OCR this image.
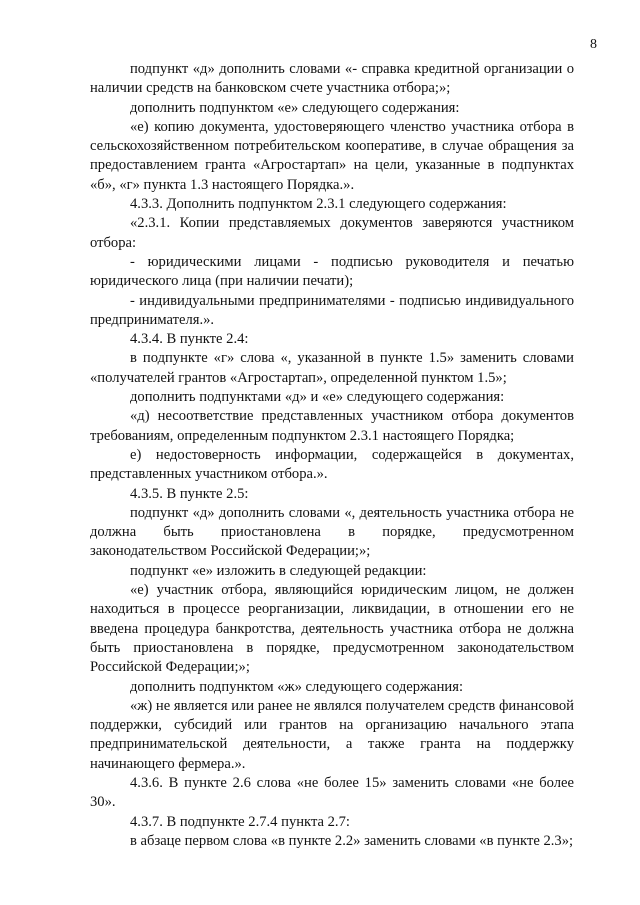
8

подпункт «д» дополнить словами «- справка кредитной организации о наличии средств на банковском счете участника отбора;»;

дополнить подпунктом «е» следующего содержания:

«е) копию документа, удостоверяющего членство участника отбора в сельскохозяйственном потребительском кооперативе, в случае обращения за предоставлением гранта «Агростартап» на цели, указанные в подпунктах «б», «г» пункта 1.3 настоящего Порядка.».

4.3.3. Дополнить подпунктом 2.3.1 следующего содержания:

«2.3.1. Копии представляемых документов заверяются участником отбора:

- юридическими лицами - подписью руководителя и печатью юридического лица (при наличии печати);

- индивидуальными предпринимателями - подписью индивидуального предпринимателя.».

4.3.4. В пункте 2.4:

в подпункте «г» слова «, указанной в пункте 1.5» заменить словами «получателей грантов «Агростартап», определенной пунктом 1.5»;

дополнить подпунктами «д» и «е» следующего содержания:

«д) несоответствие представленных участником отбора документов требованиям, определенным подпунктом 2.3.1 настоящего Порядка;

е) недостоверность информации, содержащейся в документах, представленных участником отбора.».

4.3.5. В пункте 2.5:

подпункт «д» дополнить словами «, деятельность участника отбора не должна быть приостановлена в порядке, предусмотренном законодательством Российской Федерации;»;

подпункт «е» изложить в следующей редакции:

«е) участник отбора, являющийся юридическим лицом, не должен находиться в процессе реорганизации, ликвидации, в отношении его не введена процедура банкротства, деятельность участника отбора не должна быть приостановлена в порядке, предусмотренном законодательством Российской Федерации;»;

дополнить подпунктом «ж» следующего содержания:

«ж) не является или ранее не являлся получателем средств финансовой поддержки, субсидий или грантов на организацию начального этапа предпринимательской деятельности, а также гранта на поддержку начинающего фермера.».

4.3.6. В пункте 2.6 слова «не более 15» заменить словами «не более 30».

4.3.7. В подпункте 2.7.4 пункта 2.7:

в абзаце первом слова «в пункте 2.2» заменить словами «в пункте 2.3»;
